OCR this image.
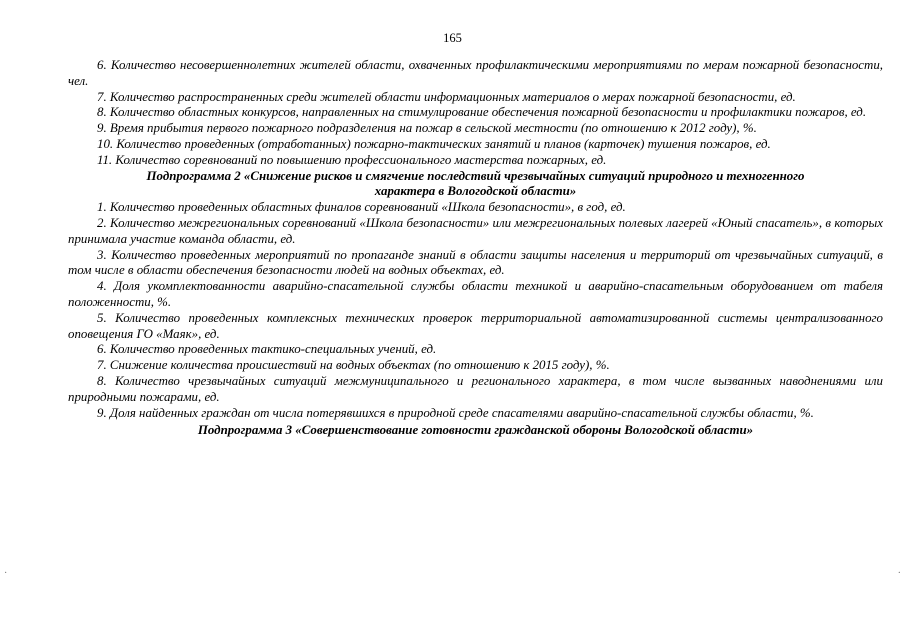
165

6. Количество несовершеннолетних жителей области, охваченных профилактическими мероприятиями по мерам пожарной безопасности, чел.

7. Количество распространенных среди жителей области информационных материалов о мерах пожарной безопасности, ед.

8. Количество областных конкурсов, направленных на стимулирование обеспечения пожарной безопасности и профилактики пожаров, ед.

9. Время прибытия первого пожарного подразделения на пожар в сельской местности (по отношению к 2012 году), %.

10. Количество проведенных (отработанных) пожарно-тактических занятий и планов (карточек) тушения пожаров, ед.

11. Количество соревнований по повышению профессионального мастерства пожарных, ед.

Подпрограмма 2 «Снижение рисков и смягчение последствий чрезвычайных ситуаций природного и техногенного характера в Вологодской области»

1. Количество проведенных областных финалов соревнований «Школа безопасности», в год, ед.

2. Количество межрегиональных соревнований «Школа безопасности» или межрегиональных полевых лагерей «Юный спасатель», в которых принимала участие команда области, ед.

3. Количество проведенных мероприятий по пропаганде знаний в области защиты населения и территорий от чрезвычайных ситуаций, в том числе в области обеспечения безопасности людей на водных объектах, ед.

4. Доля укомплектованности аварийно-спасательной службы области техникой и аварийно-спасательным оборудованием от табеля положенности, %.

5. Количество проведенных комплексных технических проверок территориальной автоматизированной системы централизованного оповещения ГО «Маяк», ед.

6. Количество проведенных тактико-специальных учений, ед.

7. Снижение количества происшествий на водных объектах (по отношению к 2015 году), %.

8. Количество чрезвычайных ситуаций межмуниципального и регионального характера, в том числе вызванных наводнениями или природными пожарами, ед.

9. Доля найденных граждан от числа потерявшихся в природной среде спасателями аварийно-спасательной службы области, %.

Подпрограмма 3 «Совершенствование готовности гражданской обороны Вологодской области»

·	·
